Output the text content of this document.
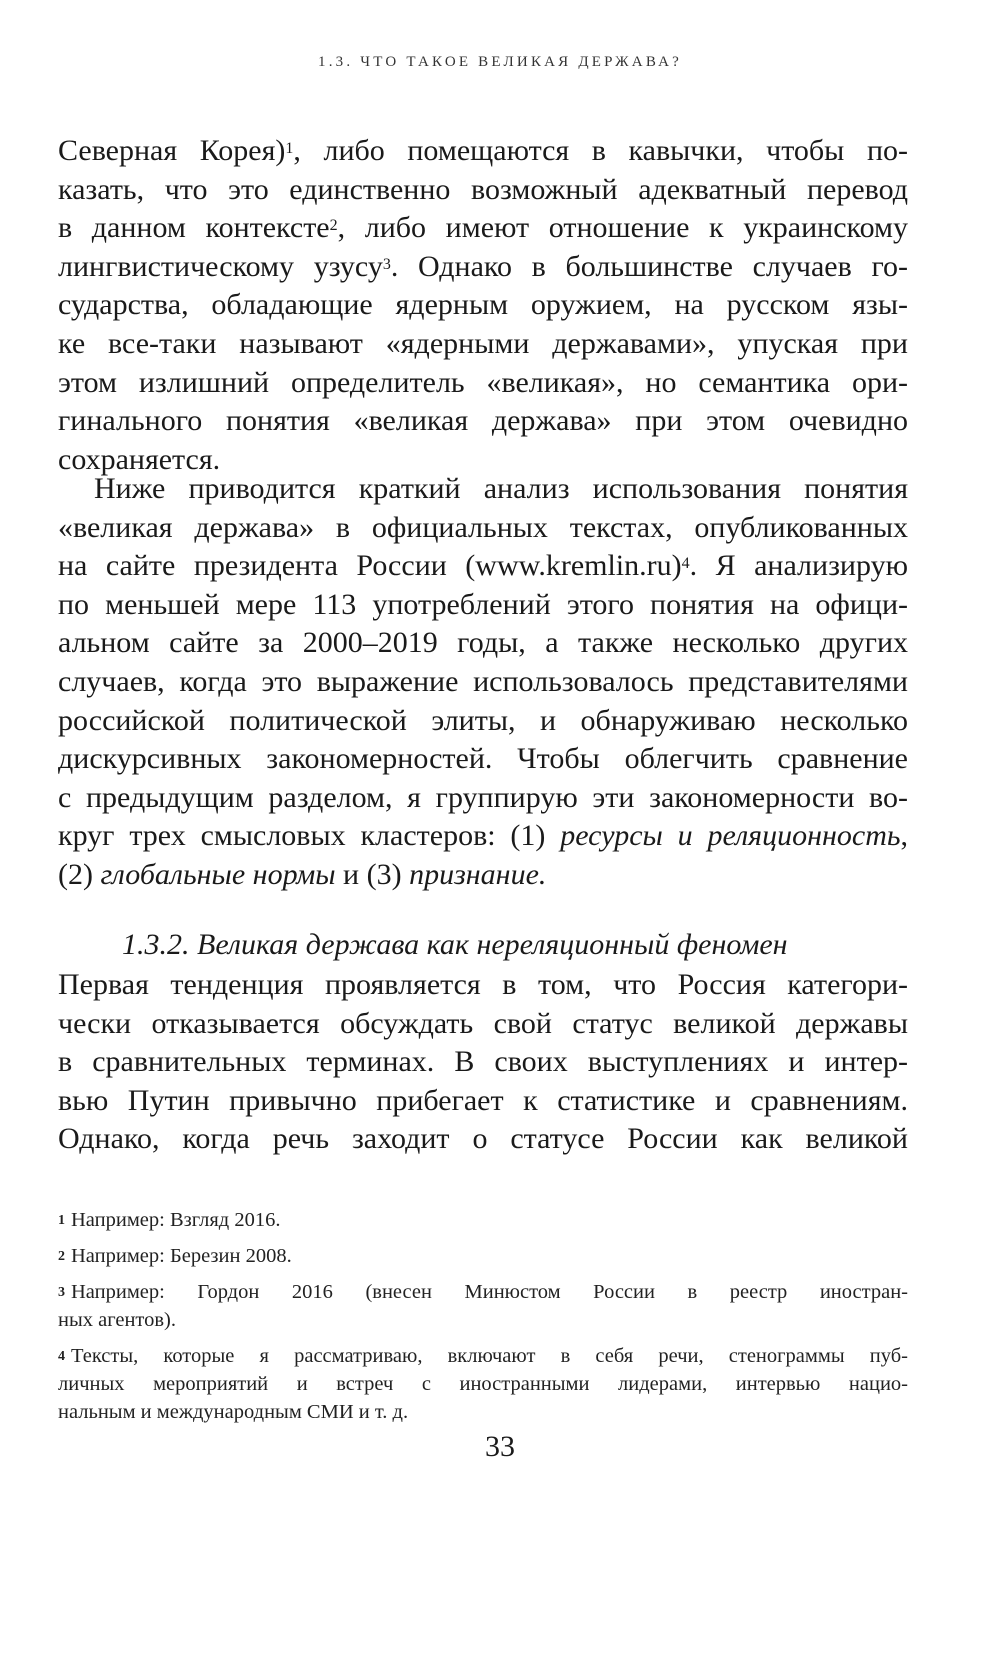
1.3. ЧТО ТАКОЕ ВЕЛИКАЯ ДЕРЖАВА?
Северная Корея)$^1$, либо помещаются в кавычки, чтобы по-
казать, что это единственно возможный адекватный перевод
в данном контексте$^2$, либо имеют отношение к украинскому
лингвистическому узусу$^3$. Однако в большинстве случаев го-
сударства, обладающие ядерным оружием, на русском язы-
ке все-таки называют «ядерными державами», упуская при
этом излишний определитель «великая», но семантика ори-
гинального понятия «великая держава» при этом очевидно
сохраняется.
Ниже приводится краткий анализ использования понятия
«великая держава» в официальных текстах, опубликованных
на сайте президента России (www.kremlin.ru)$^4$. Я анализирую
по меньшей мере 113 употреблений этого понятия на офици-
альном сайте за 2000–2019 годы, а также несколько других
случаев, когда это выражение использовалось представителями
российской политической элиты, и обнаруживаю несколько
дискурсивных закономерностей. Чтобы облегчить сравнение
с предыдущим разделом, я группирую эти закономерности во-
круг трех смысловых кластеров: (1) ресурсы и реляционность,
(2) глобальные нормы и (3) признание.
1.3.2. Великая держава как нереляционный феномен
Первая тенденция проявляется в том, что Россия категори-
чески отказывается обсуждать свой статус великой державы
в сравнительных терминах. В своих выступлениях и интер-
вью Путин привычно прибегает к статистике и сравнениям.
Однако, когда речь заходит о статусе России как великой
$^1$ Например: Взгляд 2016.
$^2$ Например: Березин 2008.
$^3$ Например: Гордон 2016 (внесен Минюстом России в реестр иностран-
ных агентов).
$^4$ Тексты, которые я рассматриваю, включают в себя речи, стенограммы пуб-
личных мероприятий и встреч с иностранными лидерами, интервью нацио-
нальным и международным СМИ и т. д.
33
